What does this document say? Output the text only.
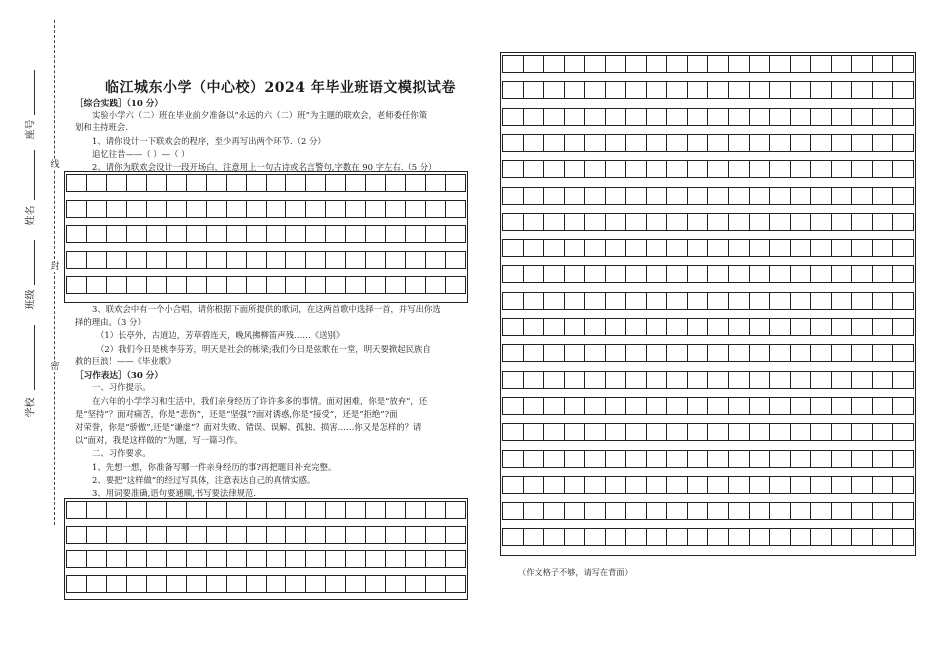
线
封
密
座号
姓名
班级
学校
临江城东小学（中心校）2024 年毕业班语文模拟试卷
［综合实践］（10 分）
实验小学六（二）班在毕业前夕准备以“永远的六（二）班”为主题的联欢会，老师委任你策
划和主持班会.
1、请你设计一下联欢会的程序，至少再写出两个环节.（2 分）
追忆往昔——（ ）—（ ）
2、请你为联欢会设计一段开场白，注意用上一句古诗或名言警句,字数在 90 字左右.（5 分）
3、联欢会中有一个小合唱，请你根据下面所提供的歌词，在这两首歌中选择一首，并写出你选
择的理由。（3 分）
（1）长亭外，古道边，芳草碧连天，晚风拂柳笛声残……《送别》
（2）我们今日是桃李芬芳，明天是社会的栋梁;我们今日是弦歌在一堂，明天要掀起民族自
救的巨浪！——《毕业歌》
［习作表达］（30 分）
一、习作提示。
在六年的小学学习和生活中，我们亲身经历了许许多多的事情。面对困难，你是“放弃”，还
是“坚持”？面对痛苦，你是“悲伤”，还是“坚强”?面对诱惑,你是“接受”，还是“拒绝”?面
对荣誉，你是“骄傲”,还是“谦虚”？面对失败、错误、误解、孤独、损害……你又是怎样的？请
以“面对，我是这样做的”为题，写一篇习作。
二、习作要求。
1、先想一想，你准备写哪一件亲身经历的事?再把题目补充完整。
2、要把“这样做”的经过写具体，注意表达自己的真情实感。
3、用词要准确,语句要通顺,书写要法律规范.
（作文格子不够，请写在背面）
